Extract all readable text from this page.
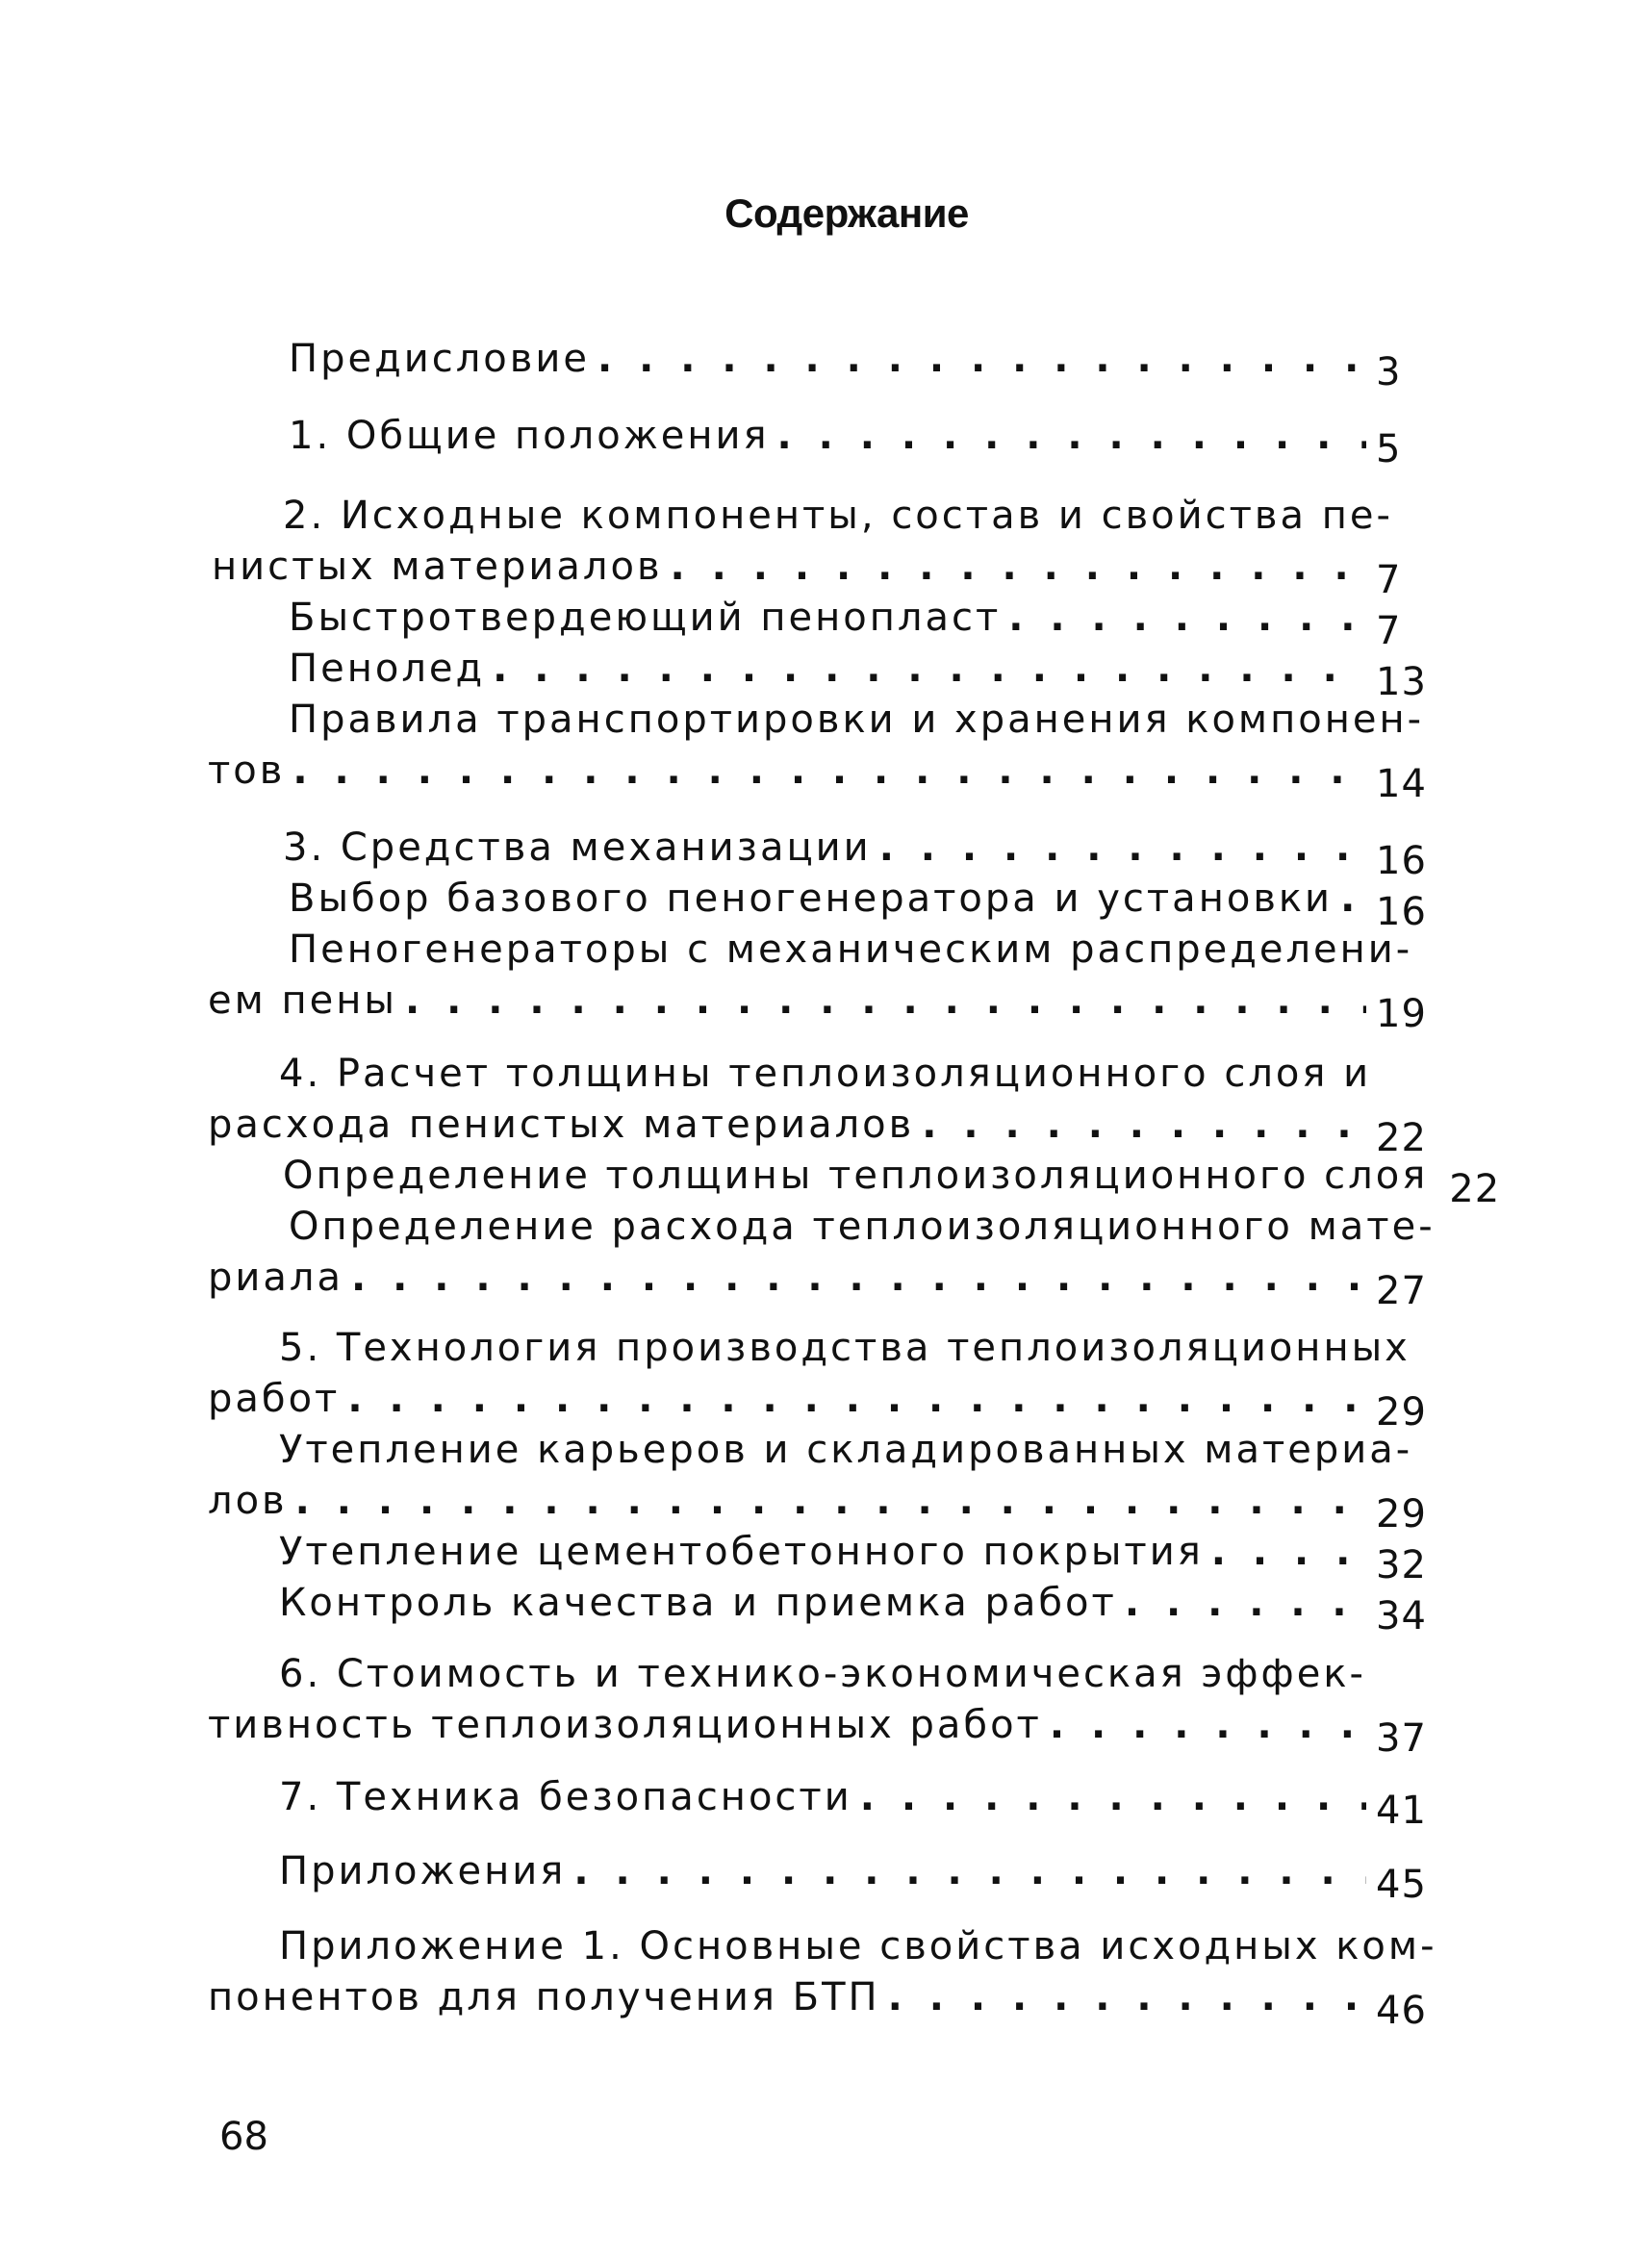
Содержание
Предисловие . . .	3
1. Общие положения . . .	5
2. Исходные компоненты, состав и свойства пе-
нистых материалов . . .	7
Быстротвердеющий пенопласт . . .	7
Пенолед . . .	13
Правила транспортировки и хранения компонен-
тов . . .	14
3. Средства механизации . . .	16
Выбор базового пеногенератора и установки . . . 16
Пеногенераторы с механическим распределени-
ем пены . . .	19
4. Расчет толщины теплоизоляционного слоя и
расхода пенистых материалов . . .	22
Определение толщины теплоизоляционного слоя 22
Определение расхода теплоизоляционного мате-
риала . . .	27
5. Технология производства теплоизоляционных
работ . . .	29
Утепление карьеров и складированных материа-
лов . . .	29
Утепление цементобетонного покрытия . . .	32
Контроль качества и приемка работ . . .	34
6. Стоимость и технико-экономическая эффек-
тивность теплоизоляционных работ . . .	37
7. Техника безопасности . . .	41
Приложения . . .	45
Приложение 1. Основные свойства исходных ком-
понентов для получения БТП . . .	46
68
